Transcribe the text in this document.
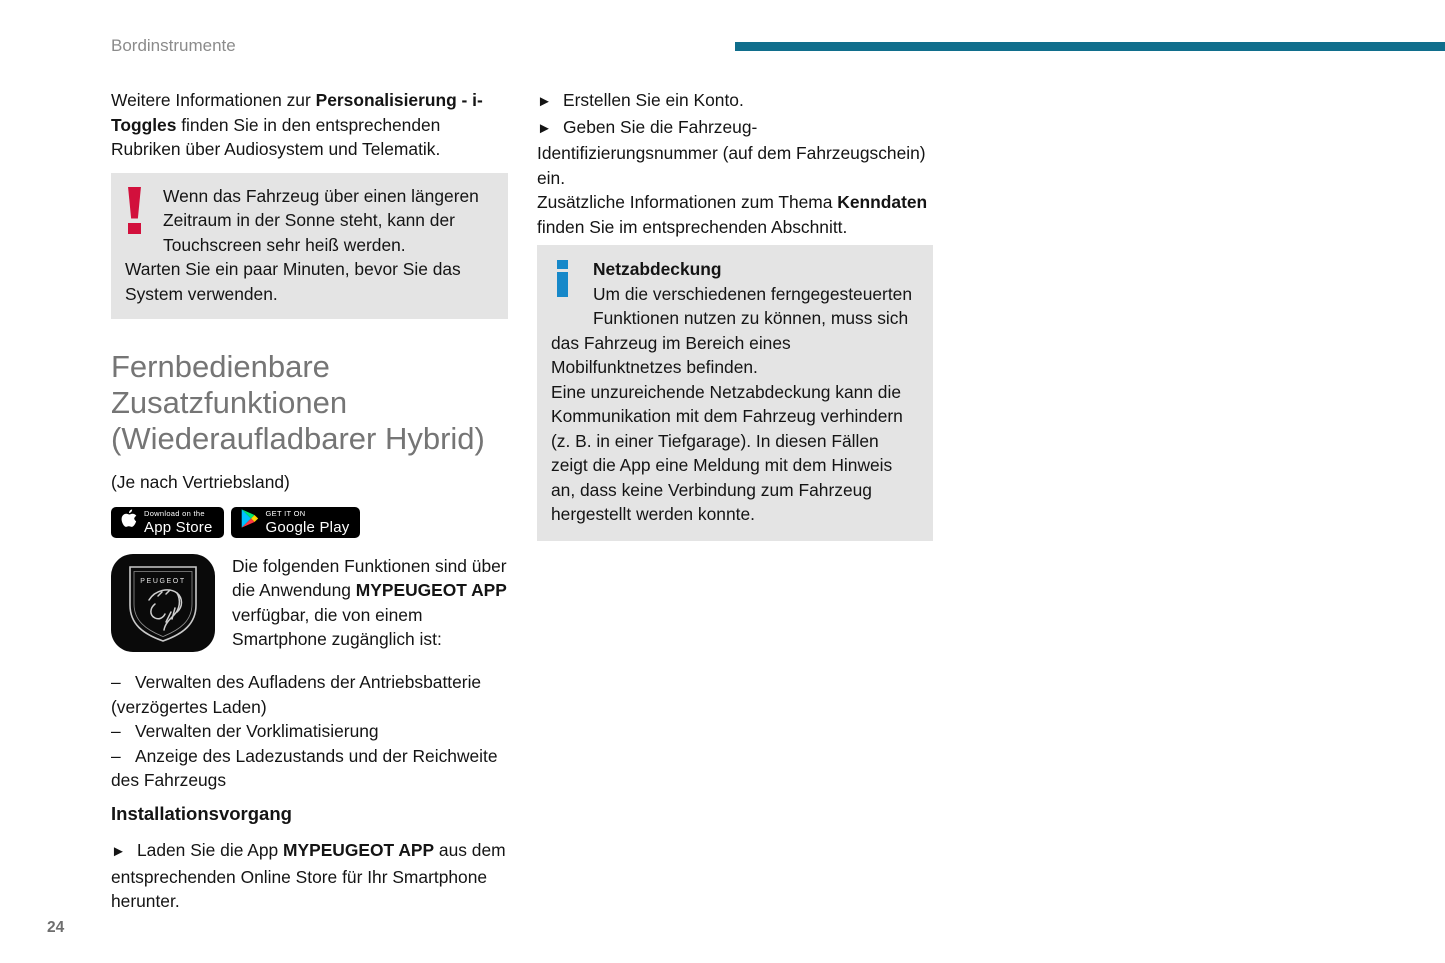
Bordinstrumente

Weitere Informationen zur Personalisierung - i-Toggles finden Sie in den entsprechenden Rubriken über Audiosystem und Telematik.

Wenn das Fahrzeug über einen längeren Zeitraum in der Sonne steht, kann der Touchscreen sehr heiß werden.

Warten Sie ein paar Minuten, bevor Sie das System verwenden.

Fernbedienbare Zusatzfunktionen (Wiederaufladbarer Hybrid)

(Je nach Vertriebsland)

Download on the
App Store
GET IT ON
Google Play
PEUGEOT

Die folgenden Funktionen sind über die Anwendung MYPEUGEOT APP verfügbar, die von einem Smartphone zugänglich ist:

– Verwalten des Aufladens der Antriebsbatterie (verzögertes Laden)

– Verwalten der Vorklimatisierung

– Anzeige des Ladezustands und der Reichweite des Fahrzeugs

Installationsvorgang

► Laden Sie die App MYPEUGEOT APP aus dem entsprechenden Online Store für Ihr Smartphone herunter.

► Erstellen Sie ein Konto.

► Geben Sie die Fahrzeug-Identifizierungsnummer (auf dem Fahrzeugschein) ein.

Zusätzliche Informationen zum Thema Kenndaten finden Sie im entsprechenden Abschnitt.

Netzabdeckung

Um die verschiedenen ferngegesteuerten Funktionen nutzen zu können, muss sich das Fahrzeug im Bereich eines Mobilfunktnetzes befinden.

Eine unzureichende Netzabdeckung kann die Kommunikation mit dem Fahrzeug verhindern (z. B. in einer Tiefgarage). In diesen Fällen zeigt die App eine Meldung mit dem Hinweis an, dass keine Verbindung zum Fahrzeug hergestellt werden konnte.

24
